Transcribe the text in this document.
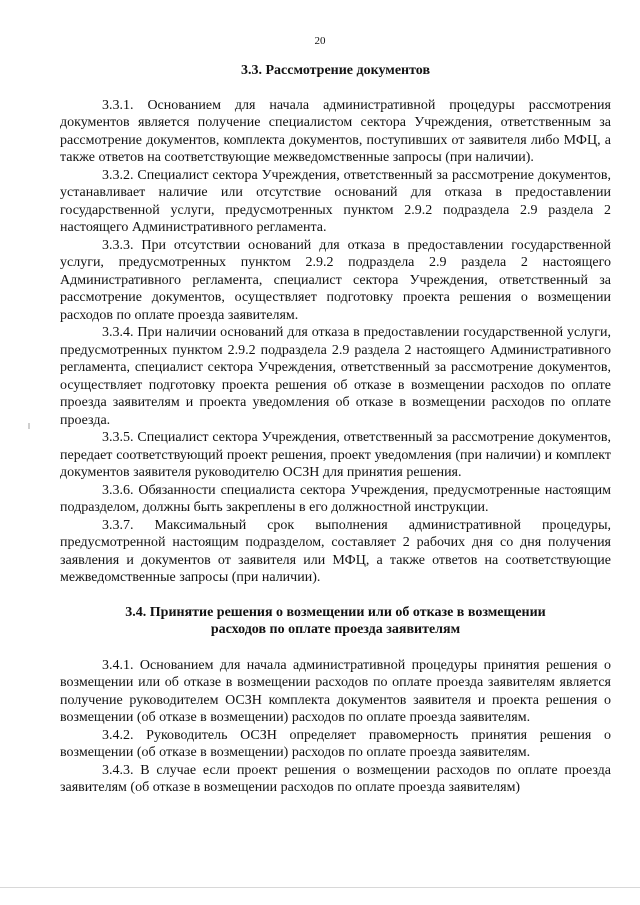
20

3.3. Рассмотрение документов

3.3.1. Основанием для начала административной процедуры рассмотрения документов является получение специалистом сектора Учреждения, ответственным за рассмотрение документов, комплекта документов, поступивших от заявителя либо МФЦ, а также ответов на соответствующие межведомственные запросы (при наличии).

3.3.2. Специалист сектора Учреждения, ответственный за рассмотрение документов, устанавливает наличие или отсутствие оснований для отказа в предоставлении государственной услуги, предусмотренных пунктом 2.9.2 подраздела 2.9 раздела 2 настоящего Административного регламента.

3.3.3. При отсутствии оснований для отказа в предоставлении государственной услуги, предусмотренных пунктом 2.9.2 подраздела 2.9 раздела 2 настоящего Административного регламента, специалист сектора Учреждения, ответственный за рассмотрение документов, осуществляет подготовку проекта решения о возмещении расходов по оплате проезда заявителям.

3.3.4. При наличии оснований для отказа в предоставлении государственной услуги, предусмотренных пунктом 2.9.2 подраздела 2.9 раздела 2 настоящего Административного регламента, специалист сектора Учреждения, ответственный за рассмотрение документов, осуществляет подготовку проекта решения об отказе в возмещении расходов по оплате проезда заявителям и проекта уведомления об отказе в возмещении расходов по оплате проезда.

3.3.5. Специалист сектора Учреждения, ответственный за рассмотрение документов, передает соответствующий проект решения, проект уведомления (при наличии) и комплект документов заявителя руководителю ОСЗН для принятия решения.

3.3.6. Обязанности специалиста сектора Учреждения, предусмотренные настоящим подразделом, должны быть закреплены в его должностной инструкции.

3.3.7. Максимальный срок выполнения административной процедуры, предусмотренной настоящим подразделом, составляет 2 рабочих дня со дня получения заявления и документов от заявителя или МФЦ, а также ответов на соответствующие межведомственные запросы (при наличии).

3.4. Принятие решения о возмещении или об отказе в возмещении
расходов по оплате проезда заявителям

3.4.1. Основанием для начала административной процедуры принятия решения о возмещении или об отказе в возмещении расходов по оплате проезда заявителям является получение руководителем ОСЗН комплекта документов заявителя и проекта решения о возмещении (об отказе в возмещении) расходов по оплате проезда заявителям.

3.4.2. Руководитель ОСЗН определяет правомерность принятия решения о возмещении (об отказе в возмещении) расходов по оплате проезда заявителям.

3.4.3. В случае если проект решения о возмещении расходов по оплате проезда заявителям (об отказе в возмещении расходов по оплате проезда заявителям)
